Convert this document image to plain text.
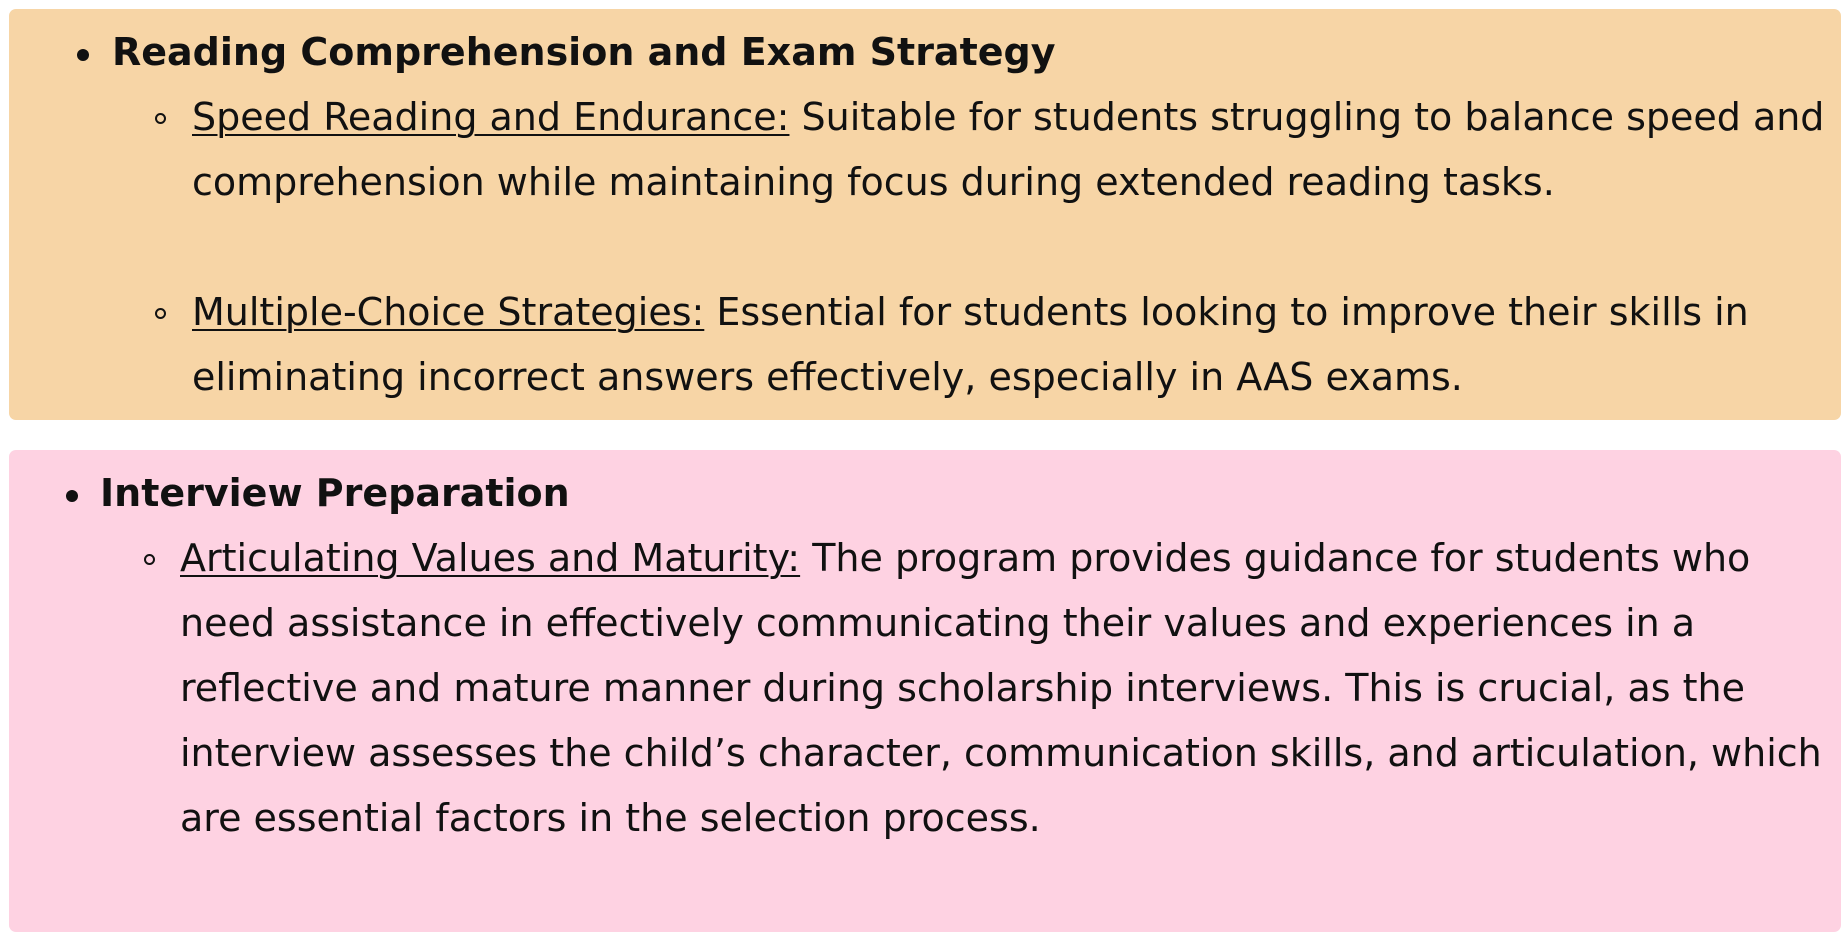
Reading Comprehension and Exam Strategy
Speed Reading and Endurance: Suitable for students struggling to balance speed and comprehension while maintaining focus during extended reading tasks.
Multiple-Choice Strategies: Essential for students looking to improve their skills in eliminating incorrect answers effectively, especially in AAS exams.
Interview Preparation
Articulating Values and Maturity: The program provides guidance for students who need assistance in effectively communicating their values and experiences in a reflective and mature manner during scholarship interviews. This is crucial, as the interview assesses the child’s character, communication skills, and articulation, which are essential factors in the selection process.
